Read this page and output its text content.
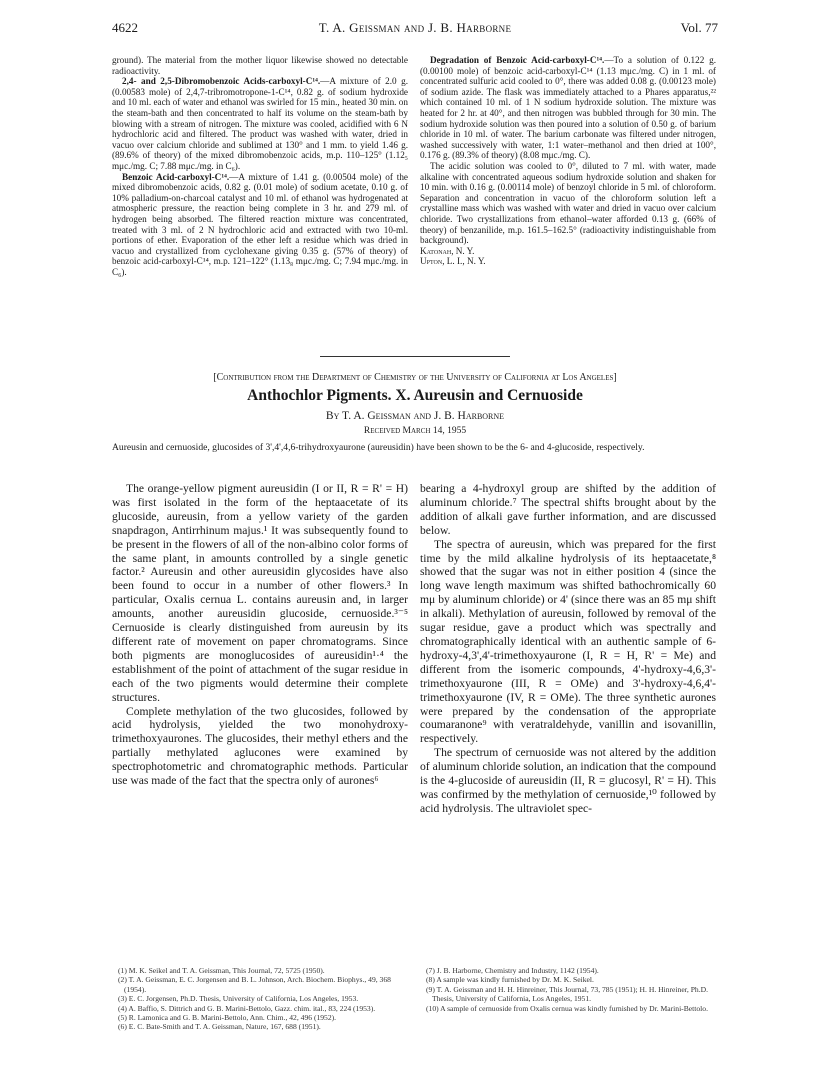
4622	T. A. Geissman and J. B. Harborne	Vol. 77

ground). The material from the mother liquor likewise showed no detectable radioactivity.

2,4- and 2,5-Dibromobenzoic Acids-carboxyl-C¹⁴.—A mixture of 2.0 g. (0.00583 mole) of 2,4,7-tribromotropone-1-C¹⁴, 0.82 g. of sodium hydroxide and 10 ml. each of water and ethanol was swirled for 15 min., heated 30 min. on the steam-bath and then concentrated to half its volume on the steam-bath by blowing with a stream of nitrogen. The mixture was cooled, acidified with 6 N hydrochloric acid and filtered. The product was washed with water, dried in vacuo over calcium chloride and sublimed at 130° and 1 mm. to yield 1.46 g. (89.6% of theory) of the mixed dibromobenzoic acids, m.p. 110–125° (1.12₅ mμc./mg. C; 7.88 mμc./mg. in C₆).

Benzoic Acid-carboxyl-C¹⁴.—A mixture of 1.41 g. (0.00504 mole) of the mixed dibromobenzoic acids, 0.82 g. (0.01 mole) of sodium acetate, 0.10 g. of 10% palladium-on-charcoal catalyst and 10 ml. of ethanol was hydrogenated at atmospheric pressure, the reaction being complete in 3 hr. and 279 ml. of hydrogen being absorbed. The filtered reaction mixture was concentrated, treated with 3 ml. of 2 N hydrochloric acid and extracted with two 10-ml. portions of ether. Evaporation of the ether left a residue which was dried in vacuo and crystallized from cyclohexane giving 0.35 g. (57% of theory) of benzoic acid-carboxyl-C¹⁴, m.p. 121–122° (1.13₈ mμc./mg. C; 7.94 mμc./mg. in C₆).

Degradation of Benzoic Acid-carboxyl-C¹⁴.—To a solution of 0.122 g. (0.00100 mole) of benzoic acid-carboxyl-C¹⁴ (1.13 mμc./mg. C) in 1 ml. of concentrated sulfuric acid cooled to 0°, there was added 0.08 g. (0.00123 mole) of sodium azide. The flask was immediately attached to a Phares apparatus,²² which contained 10 ml. of 1 N sodium hydroxide solution. The mixture was heated for 2 hr. at 40°, and then nitrogen was bubbled through for 30 min. The sodium hydroxide solution was then poured into a solution of 0.50 g. of barium chloride in 10 ml. of water. The barium carbonate was filtered under nitrogen, washed successively with water, 1:1 water–methanol and then dried at 100°, 0.176 g. (89.3% of theory) (8.08 mμc./mg. C).

The acidic solution was cooled to 0°, diluted to 7 ml. with water, made alkaline with concentrated aqueous sodium hydroxide solution and shaken for 10 min. with 0.16 g. (0.00114 mole) of benzoyl chloride in 5 ml. of chloroform. Separation and concentration in vacuo of the chloroform solution left a crystalline mass which was washed with water and dried in vacuo over calcium chloride. Two crystallizations from ethanol–water afforded 0.13 g. (66% of theory) of benzanilide, m.p. 161.5–162.5° (radioactivity indistinguishable from background).

Katonah, N. Y.

Upton, L. I., N. Y.

[Contribution from the Department of Chemistry of the University of California at Los Angeles]
Anthochlor Pigments. X. Aureusin and Cernuoside
By T. A. Geissman and J. B. Harborne
Received March 14, 1955
Aureusin and cernuoside, glucosides of 3',4',4,6-trihydroxyaurone (aureusidin) have been shown to be the 6- and 4-glucoside, respectively.

The orange-yellow pigment aureusidin (I or II, R = R' = H) was first isolated in the form of the heptaacetate of its glucoside, aureusin, from a yellow variety of the garden snapdragon, Antirrhinum majus.¹ It was subsequently found to be present in the flowers of all of the non-albino color forms of the same plant, in amounts controlled by a single genetic factor.² Aureusin and other aureusidin glycosides have also been found to occur in a number of other flowers.³ In particular, Oxalis cernua L. contains aureusin and, in larger amounts, another aureusidin glucoside, cernuoside.³⁻⁵ Cernuoside is clearly distinguished from aureusin by its different rate of movement on paper chromatograms. Since both pigments are monoglucosides of aureusidin¹·⁴ the establishment of the point of attachment of the sugar residue in each of the two pigments would determine their complete structures.

Complete methylation of the two glucosides, followed by acid hydrolysis, yielded the two monohydroxy-trimethoxyaurones. The glucosides, their methyl ethers and the partially methylated aglucones were examined by spectrophotometric and chromatographic methods. Particular use was made of the fact that the spectra only of aurones⁶

bearing a 4-hydroxyl group are shifted by the addition of aluminum chloride.⁷ The spectral shifts brought about by the addition of alkali gave further information, and are discussed below.

The spectra of aureusin, which was prepared for the first time by the mild alkaline hydrolysis of its heptaacetate,⁸ showed that the sugar was not in either position 4 (since the long wave length maximum was shifted bathochromically 60 mμ by aluminum chloride) or 4' (since there was an 85 mμ shift in alkali). Methylation of aureusin, followed by removal of the sugar residue, gave a product which was spectrally and chromatographically identical with an authentic sample of 6-hydroxy-4,3',4'-trimethoxyaurone (I, R = H, R' = Me) and different from the isomeric compounds, 4'-hydroxy-4,6,3'-trimethoxyaurone (III, R = OMe) and 3'-hydroxy-4,6,4'-trimethoxyaurone (IV, R = OMe). The three synthetic aurones were prepared by the condensation of the appropriate coumaranone⁹ with veratraldehyde, vanillin and isovanillin, respectively.

The spectrum of cernuoside was not altered by the addition of aluminum chloride solution, an indication that the compound is the 4-glucoside of aureusidin (II, R = glucosyl, R' = H). This was confirmed by the methylation of cernuoside,¹⁰ followed by acid hydrolysis. The ultraviolet spec-

(1) M. K. Seikel and T. A. Geissman, This Journal, 72, 5725 (1950).

(2) T. A. Geissman, E. C. Jorgensen and B. L. Johnson, Arch. Biochem. Biophys., 49, 368 (1954).

(3) E. C. Jorgensen, Ph.D. Thesis, University of California, Los Angeles, 1953.

(4) A. Baffio, S. Dittrich and G. B. Marini-Bettolo, Gazz. chim. ital., 83, 224 (1953).

(5) R. Lamonica and G. B. Marini-Bettolo, Ann. Chim., 42, 496 (1952).

(6) E. C. Bate-Smith and T. A. Geissman, Nature, 167, 688 (1951).

(7) J. B. Harborne, Chemistry and Industry, 1142 (1954).

(8) A sample was kindly furnished by Dr. M. K. Seikel.

(9) T. A. Geissman and H. H. Hinreiner, This Journal, 73, 785 (1951); H. H. Hinreiner, Ph.D. Thesis, University of California, Los Angeles, 1951.

(10) A sample of cernuoside from Oxalis cernua was kindly furnished by Dr. Marini-Bettolo.
